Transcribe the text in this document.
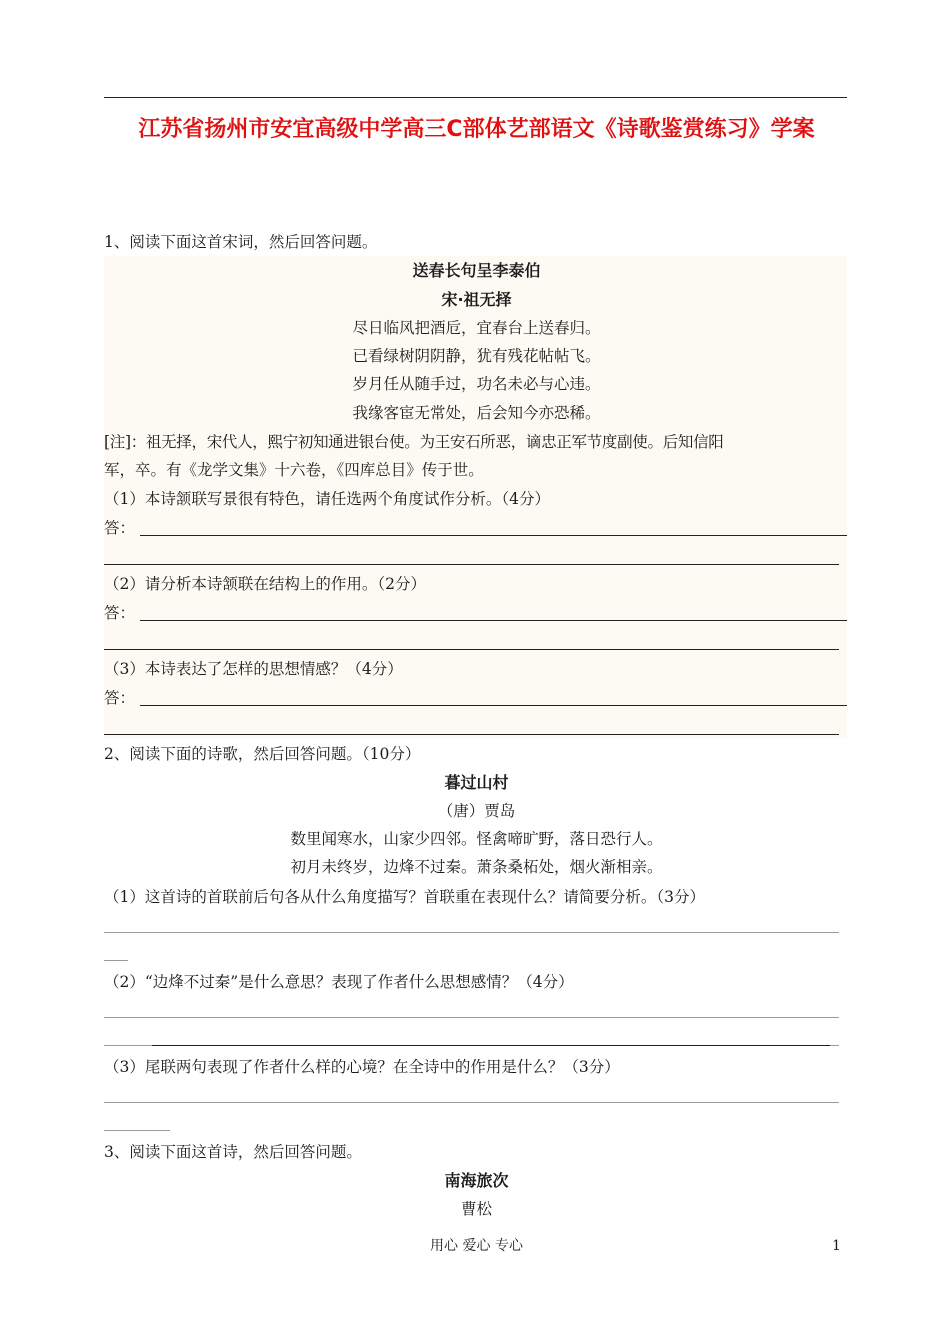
江苏省扬州市安宜高级中学高三C部体艺部语文《诗歌鉴赏练习》学案
1、阅读下面这首宋词，然后回答问题。
送春长句呈李泰伯
宋·祖无择
尽日临风把酒卮，宜春台上送春归。
已看绿树阴阴静，犹有残花帖帖飞。
岁月任从随手过，功名未必与心违。
我缘客宦无常处，后会知今亦恐稀。
[注]：祖无择，宋代人，熙宁初知通进银台使。为王安石所恶，谪忠正军节度副使。后知信阳
军，卒。有《龙学文集》十六卷，《四库总目》传于世。
（1）本诗颔联写景很有特色，请任选两个角度试作分析。（4分）
答：
（2）请分析本诗颔联在结构上的作用。（2分）
答：
（3）本诗表达了怎样的思想情感？（4分）
答：
2、阅读下面的诗歌，然后回答问题。（10分）
暮过山村
（唐）贾岛
数里闻寒水，山家少四邻。怪禽啼旷野，落日恐行人。
初月未终岁，边烽不过秦。萧条桑柘处，烟火渐相亲。
（1）这首诗的首联前后句各从什么角度描写？首联重在表现什么？请简要分析。（3分）
（2）“边烽不过秦”是什么意思？表现了作者什么思想感情？（4分）
（3）尾联两句表现了作者什么样的心境？在全诗中的作用是什么？（3分）
3、阅读下面这首诗，然后回答问题。
南海旅次
曹松
用心 爱心 专心	1
